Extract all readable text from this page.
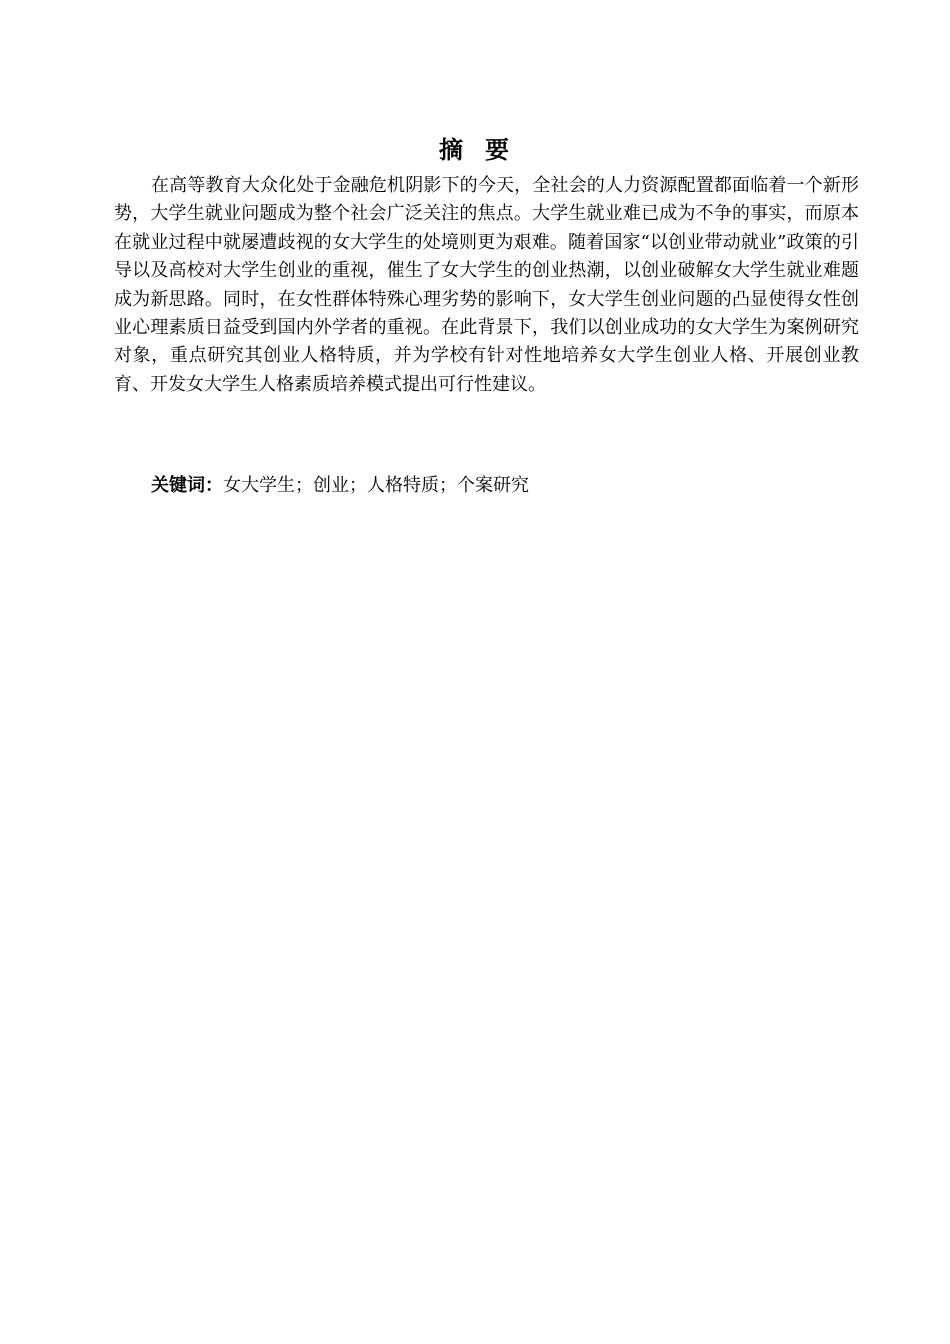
摘要

在高等教育大众化处于金融危机阴影下的今天，全社会的人力资源配置都面临着一个新形势，大学生就业问题成为整个社会广泛关注的焦点。大学生就业难已成为不争的事实，而原本在就业过程中就屡遭歧视的女大学生的处境则更为艰难。随着国家“以创业带动就业”政策的引导以及高校对大学生创业的重视，催生了女大学生的创业热潮，以创业破解女大学生就业难题成为新思路。同时，在女性群体特殊心理劣势的影响下，女大学生创业问题的凸显使得女性创业心理素质日益受到国内外学者的重视。在此背景下，我们以创业成功的女大学生为案例研究对象，重点研究其创业人格特质，并为学校有针对性地培养女大学生创业人格、开展创业教育、开发女大学生人格素质培养模式提出可行性建议。

关键词：女大学生；创业；人格特质；个案研究
